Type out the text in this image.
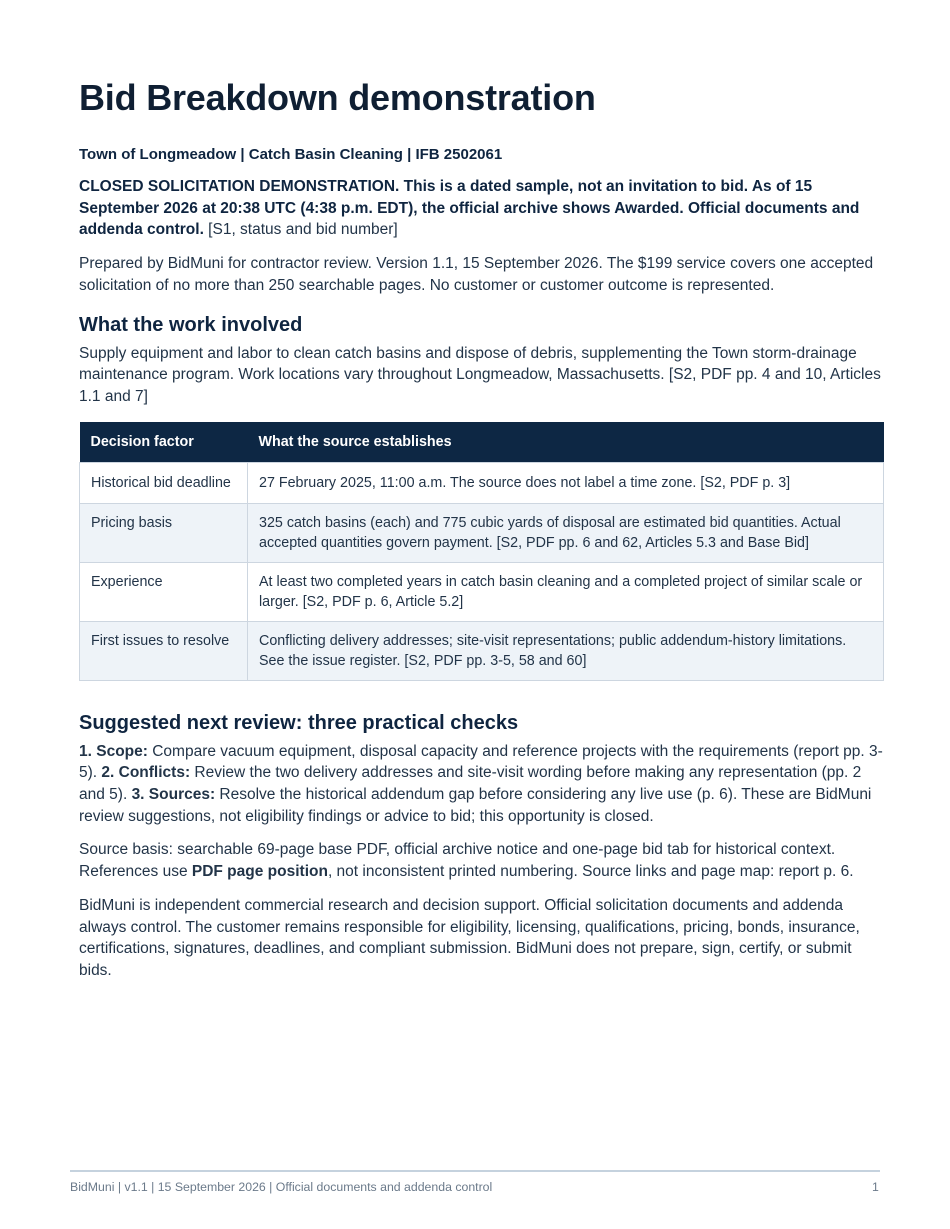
Bid Breakdown demonstration
Town of Longmeadow | Catch Basin Cleaning | IFB 2502061

CLOSED SOLICITATION DEMONSTRATION. This is a dated sample, not an invitation to bid. As of 15 September 2026 at 20:38 UTC (4:38 p.m. EDT), the official archive shows Awarded. Official documents and addenda control. [S1, status and bid number]

Prepared by BidMuni for contractor review. Version 1.1, 15 September 2026. The $199 service covers one accepted solicitation of no more than 250 searchable pages. No customer or customer outcome is represented.

What the work involved

Supply equipment and labor to clean catch basins and dispose of debris, supplementing the Town storm-drainage maintenance program. Work locations vary throughout Longmeadow, Massachusetts. [S2, PDF pp. 4 and 10, Articles 1.1 and 7]

Decision factor	What the source establishes
Historical bid deadline	27 February 2025, 11:00 a.m. The source does not label a time zone. [S2, PDF p. 3]
Pricing basis	325 catch basins (each) and 775 cubic yards of disposal are estimated bid quantities. Actual accepted quantities govern payment. [S2, PDF pp. 6 and 62, Articles 5.3 and Base Bid]
Experience	At least two completed years in catch basin cleaning and a completed project of similar scale or larger. [S2, PDF p. 6, Article 5.2]
First issues to resolve	Conflicting delivery addresses; site-visit representations; public addendum-history limitations. See the issue register. [S2, PDF pp. 3-5, 58 and 60]
Suggested next review: three practical checks

1. Scope: Compare vacuum equipment, disposal capacity and reference projects with the requirements (report pp. 3-5). 2. Conflicts: Review the two delivery addresses and site-visit wording before making any representation (pp. 2 and 5). 3. Sources: Resolve the historical addendum gap before considering any live use (p. 6). These are BidMuni review suggestions, not eligibility findings or advice to bid; this opportunity is closed.

Source basis: searchable 69-page base PDF, official archive notice and one-page bid tab for historical context. References use PDF page position, not inconsistent printed numbering. Source links and page map: report p. 6.

BidMuni is independent commercial research and decision support. Official solicitation documents and addenda always control. The customer remains responsible for eligibility, licensing, qualifications, pricing, bonds, insurance, certifications, signatures, deadlines, and compliant submission. BidMuni does not prepare, sign, certify, or submit bids.

BidMuni | v1.1 | 15 September 2026 | Official documents and addenda control	1
